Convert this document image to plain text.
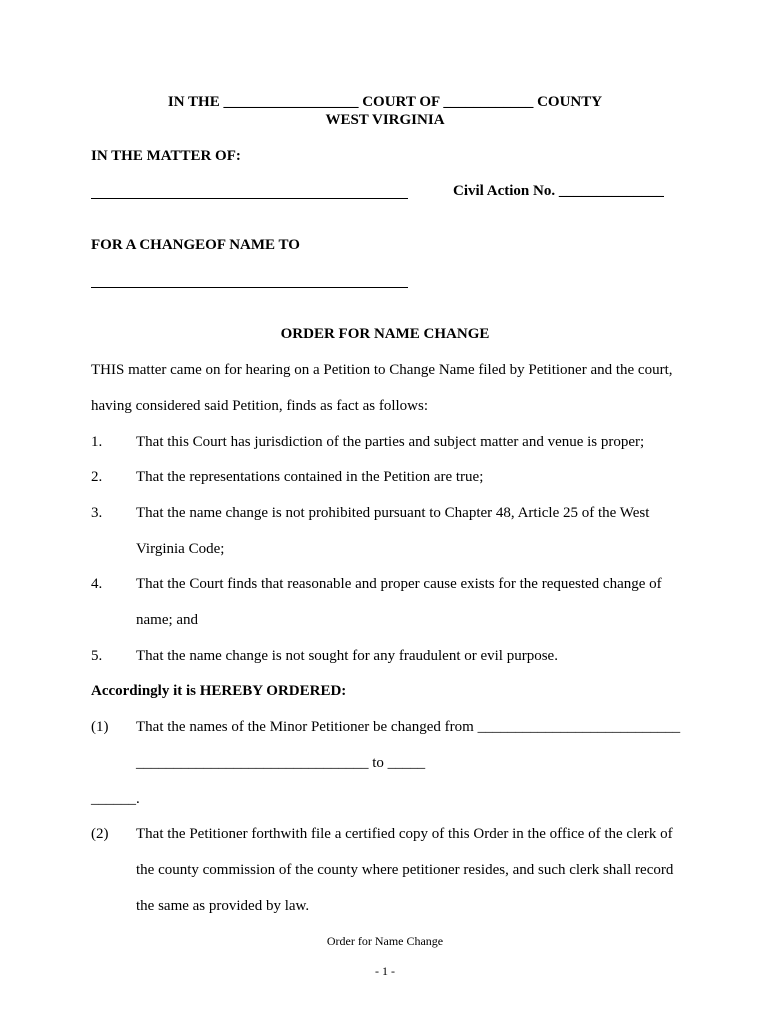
IN THE __________________ COURT OF ____________ COUNTY
WEST VIRGINIA
IN THE MATTER OF:
Civil Action No. ______________
FOR A CHANGEOF NAME TO
ORDER FOR NAME CHANGE
THIS matter came on for hearing on a Petition to Change Name filed by Petitioner and the court,
having considered said Petition, finds as fact as follows:
1. That this Court has jurisdiction of the parties and subject matter and venue is proper;
2. That the representations contained in the Petition are true;
3. That the name change is not prohibited pursuant to Chapter 48, Article 25 of the West
Virginia Code;
4. That the Court finds that reasonable and proper cause exists for the requested change of
name; and
5. That the name change is not sought for any fraudulent or evil purpose.
Accordingly it is HEREBY ORDERED:
(1) That the names of the Minor Petitioner be changed from ___________________________
_______________________________ to _____
______.
(2) That the Petitioner forthwith file a certified copy of this Order in the office of the clerk of
the county commission of the county where petitioner resides, and such clerk shall record
the same as provided by law.
Order for Name Change
- 1 -
